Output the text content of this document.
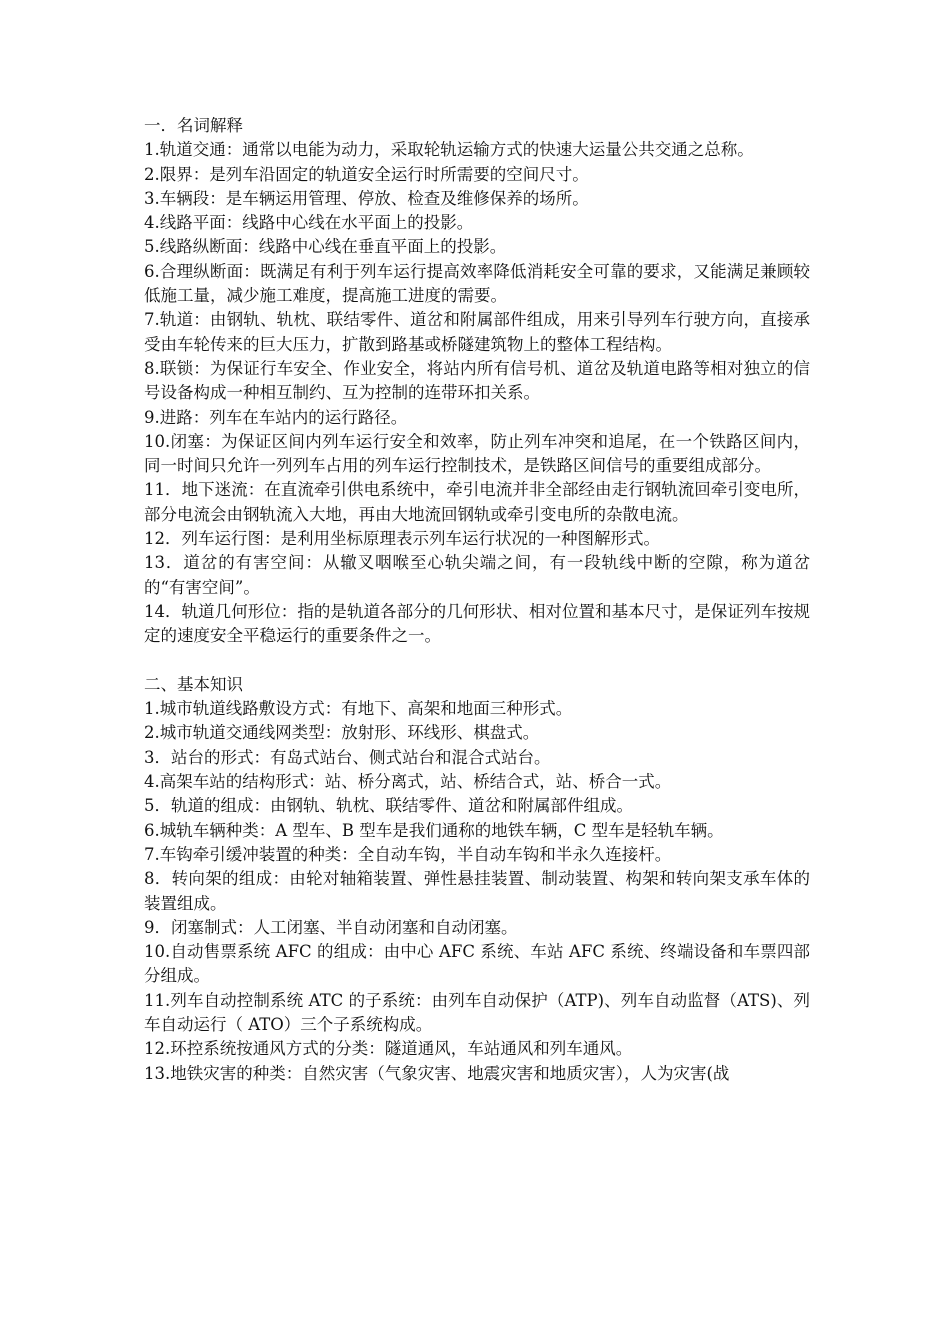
一．名词解释

1.轨道交通：通常以电能为动力，采取轮轨运输方式的快速大运量公共交通之总称。

2.限界：是列车沿固定的轨道安全运行时所需要的空间尺寸。

3.车辆段：是车辆运用管理、停放、检查及维修保养的场所。

4.线路平面：线路中心线在水平面上的投影。

5.线路纵断面：线路中心线在垂直平面上的投影。

6.合理纵断面：既满足有利于列车运行提高效率降低消耗安全可靠的要求，又能满足兼顾较低施工量，减少施工难度，提高施工进度的需要。

7.轨道：由钢轨、轨枕、联结零件、道岔和附属部件组成，用来引导列车行驶方向，直接承受由车轮传来的巨大压力，扩散到路基或桥隧建筑物上的整体工程结构。

8.联锁：为保证行车安全、作业安全，将站内所有信号机、道岔及轨道电路等相对独立的信号设备构成一种相互制约、互为控制的连带环扣关系。

9.进路：列车在车站内的运行路径。

10.闭塞：为保证区间内列车运行安全和效率，防止列车冲突和追尾，在一个铁路区间内，同一时间只允许一列列车占用的列车运行控制技术，是铁路区间信号的重要组成部分。

11．地下迷流：在直流牵引供电系统中，牵引电流并非全部经由走行钢轨流回牵引变电所，部分电流会由钢轨流入大地，再由大地流回钢轨或牵引变电所的杂散电流。

12．列车运行图：是利用坐标原理表示列车运行状况的一种图解形式。

13．道岔的有害空间：从辙叉咽喉至心轨尖端之间，有一段轨线中断的空隙，称为道岔的“有害空间”。

14．轨道几何形位：指的是轨道各部分的几何形状、相对位置和基本尺寸，是保证列车按规定的速度安全平稳运行的重要条件之一。

二、基本知识

1.城市轨道线路敷设方式：有地下、高架和地面三种形式。

2.城市轨道交通线网类型：放射形、环线形、棋盘式。

3．站台的形式：有岛式站台、侧式站台和混合式站台。

4.高架车站的结构形式：站、桥分离式，站、桥结合式，站、桥合一式。

5．轨道的组成：由钢轨、轨枕、联结零件、道岔和附属部件组成。

6.城轨车辆种类：A 型车、B 型车是我们通称的地铁车辆，C 型车是轻轨车辆。

7.车钩牵引缓冲装置的种类：全自动车钩，半自动车钩和半永久连接杆。

8．转向架的组成：由轮对轴箱装置、弹性悬挂装置、制动装置、构架和转向架支承车体的装置组成。

9．闭塞制式：人工闭塞、半自动闭塞和自动闭塞。

10.自动售票系统 AFC 的组成：由中心 AFC 系统、车站 AFC 系统、终端设备和车票四部分组成。

11.列车自动控制系统 ATC 的子系统：由列车自动保护（ATP)、列车自动监督（ATS)、列车自动运行（ ATO）三个子系统构成。

12.环控系统按通风方式的分类：隧道通风，车站通风和列车通风。

13.地铁灾害的种类：自然灾害（气象灾害、地震灾害和地质灾害），人为灾害(战
